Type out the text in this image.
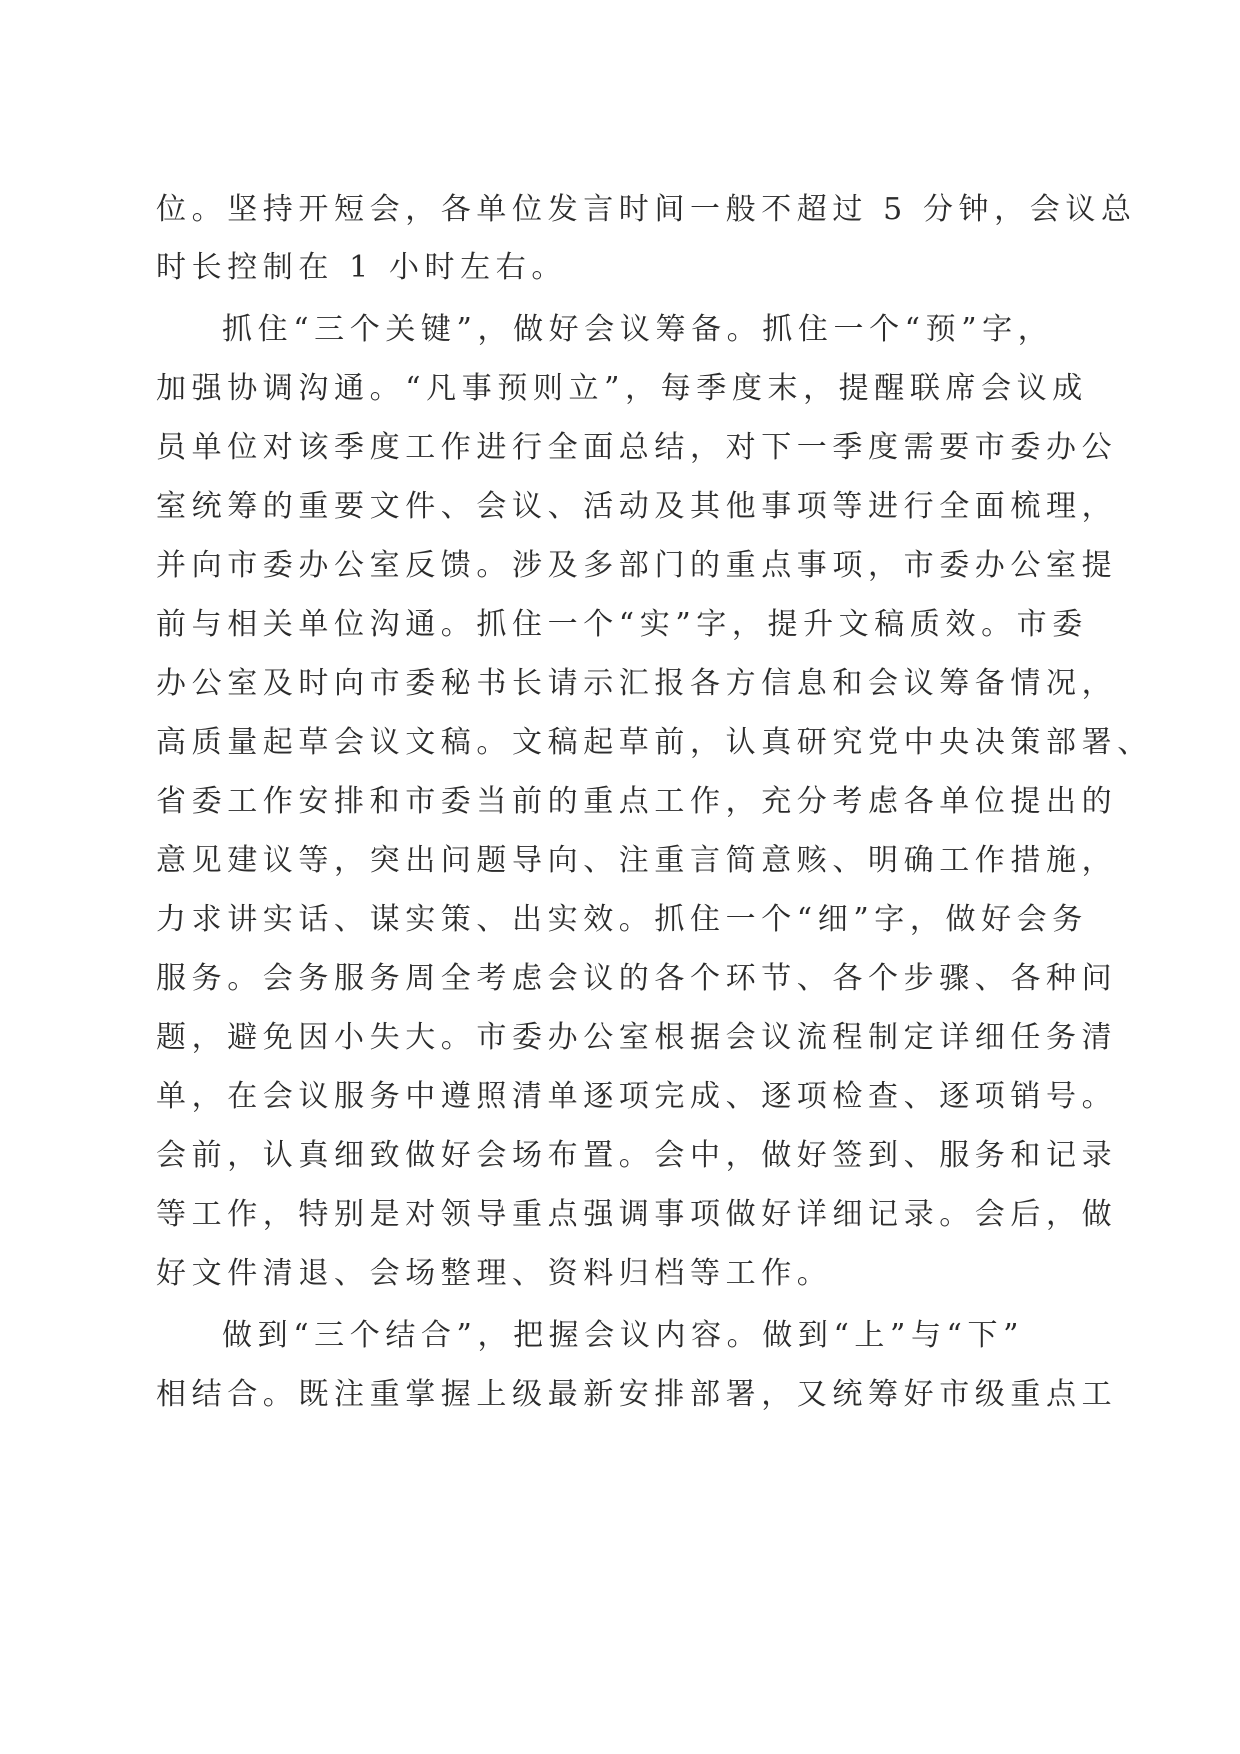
位。坚持开短会，各单位发言时间一般不超过 5 分钟，会议总
时长控制在 1 小时左右。
抓住“三个关键”，做好会议筹备。抓住一个“预”字，
加强协调沟通。“凡事预则立”，每季度末，提醒联席会议成
员单位对该季度工作进行全面总结，对下一季度需要市委办公
室统筹的重要文件、会议、活动及其他事项等进行全面梳理，
并向市委办公室反馈。涉及多部门的重点事项，市委办公室提
前与相关单位沟通。抓住一个“实”字，提升文稿质效。市委
办公室及时向市委秘书长请示汇报各方信息和会议筹备情况，
高质量起草会议文稿。文稿起草前，认真研究党中央决策部署、
省委工作安排和市委当前的重点工作，充分考虑各单位提出的
意见建议等，突出问题导向、注重言简意赅、明确工作措施，
力求讲实话、谋实策、出实效。抓住一个“细”字，做好会务
服务。会务服务周全考虑会议的各个环节、各个步骤、各种问
题，避免因小失大。市委办公室根据会议流程制定详细任务清
单，在会议服务中遵照清单逐项完成、逐项检查、逐项销号。
会前，认真细致做好会场布置。会中，做好签到、服务和记录
等工作，特别是对领导重点强调事项做好详细记录。会后，做
好文件清退、会场整理、资料归档等工作。
做到“三个结合”，把握会议内容。做到“上”与“下”
相结合。既注重掌握上级最新安排部署，又统筹好市级重点工
